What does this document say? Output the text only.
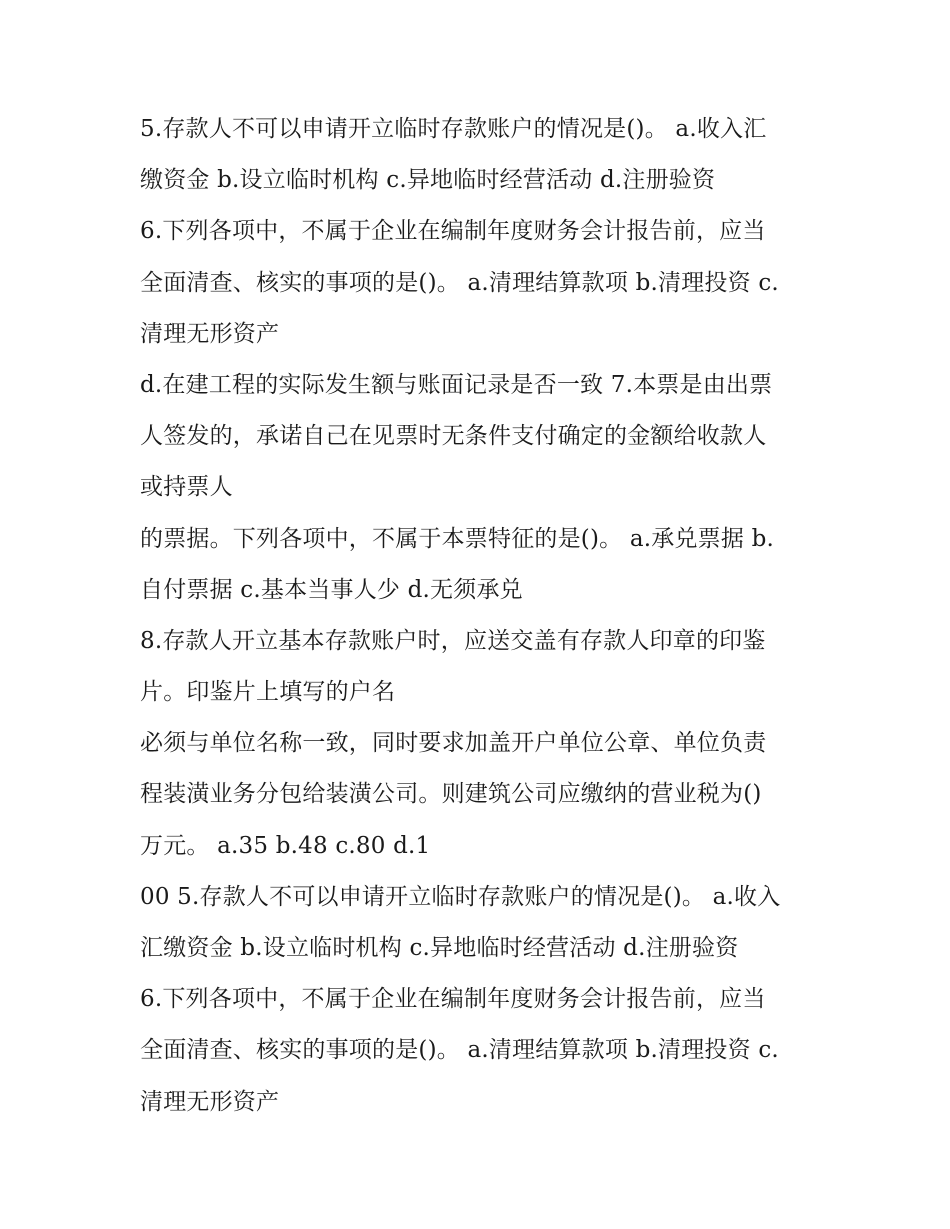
5.存款人不可以申请开立临时存款账户的情况是()。 a.收入汇
缴资金 b.设立临时机构 c.异地临时经营活动 d.注册验资
6.下列各项中，不属于企业在编制年度财务会计报告前，应当
全面清查、核实的事项的是()。 a.清理结算款项 b.清理投资 c.
清理无形资产
d.在建工程的实际发生额与账面记录是否一致 7.本票是由出票
人签发的，承诺自己在见票时无条件支付确定的金额给收款人
或持票人
的票据。下列各项中，不属于本票特征的是()。 a.承兑票据 b.
自付票据 c.基本当事人少 d.无须承兑
8.存款人开立基本存款账户时，应送交盖有存款人印章的印鉴
片。印鉴片上填写的户名
必须与单位名称一致，同时要求加盖开户单位公章、单位负责
程装潢业务分包给装潢公司。则建筑公司应缴纳的营业税为()
万元。 a.35 b.48 c.80 d.1
00 5.存款人不可以申请开立临时存款账户的情况是()。 a.收入
汇缴资金 b.设立临时机构 c.异地临时经营活动 d.注册验资
6.下列各项中，不属于企业在编制年度财务会计报告前，应当
全面清查、核实的事项的是()。 a.清理结算款项 b.清理投资 c.
清理无形资产
